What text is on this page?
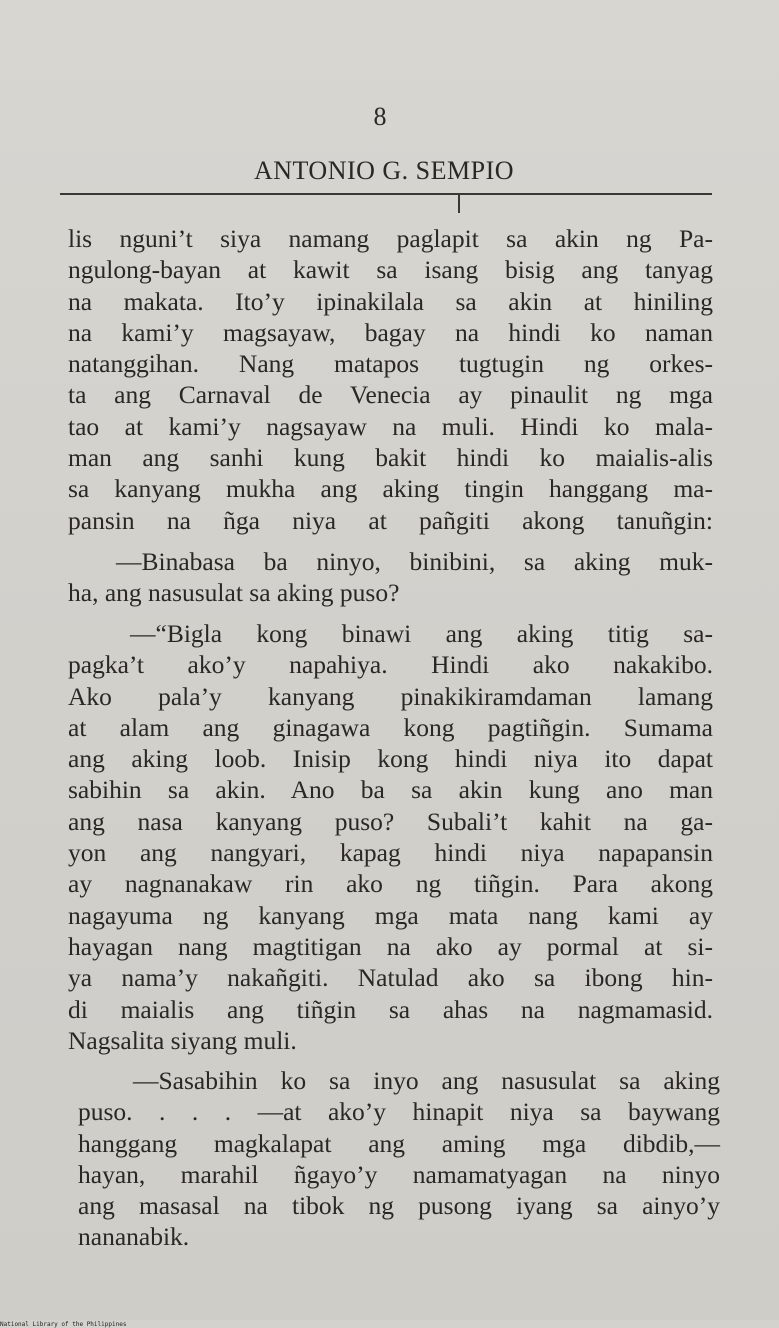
8
ANTONIO G. SEMPIO
lis nguni’t siya namang paglapit sa akin ng Pa-
ngulong-bayan at kawit sa isang bisig ang tanyag
na makata. Ito’y ipinakilala sa akin at hiniling
na kami’y magsayaw, bagay na hindi ko naman
natanggihan. Nang matapos tugtugin ng orkes-
ta ang Carnaval de Venecia ay pinaulit ng mga
tao at kami’y nagsayaw na muli. Hindi ko mala-
man ang sanhi kung bakit hindi ko maialis-alis
sa kanyang mukha ang aking tingin hanggang ma-
pansin na ñga niya at pañgiti akong tanuñgin:
—Binabasa ba ninyo, binibini, sa aking muk-
ha, ang nasusulat sa aking puso?
—“Bigla kong binawi ang aking titig sa-
pagka’t ako’y napahiya. Hindi ako nakakibo.
Ako pala’y kanyang pinakikiramdaman lamang
at alam ang ginagawa kong pagtiñgin. Sumama
ang aking loob. Inisip kong hindi niya ito dapat
sabihin sa akin. Ano ba sa akin kung ano man
ang nasa kanyang puso? Subali’t kahit na ga-
yon ang nangyari, kapag hindi niya napapansin
ay nagnanakaw rin ako ng tiñgin. Para akong
nagayuma ng kanyang mga mata nang kami ay
hayagan nang magtitigan na ako ay pormal at si-
ya nama’y nakañgiti. Natulad ako sa ibong hin-
di maialis ang tiñgin sa ahas na nagmamasid.
Nagsalita siyang muli.
—Sasabihin ko sa inyo ang nasusulat sa aking
puso. . . . —at ako’y hinapit niya sa baywang
hanggang magkalapat ang aming mga dibdib,—
hayan, marahil ñgayo’y namamatyagan na ninyo
ang masasal na tibok ng pusong iyang sa ainyo’y
nananabik.
National Library of the Philippines
